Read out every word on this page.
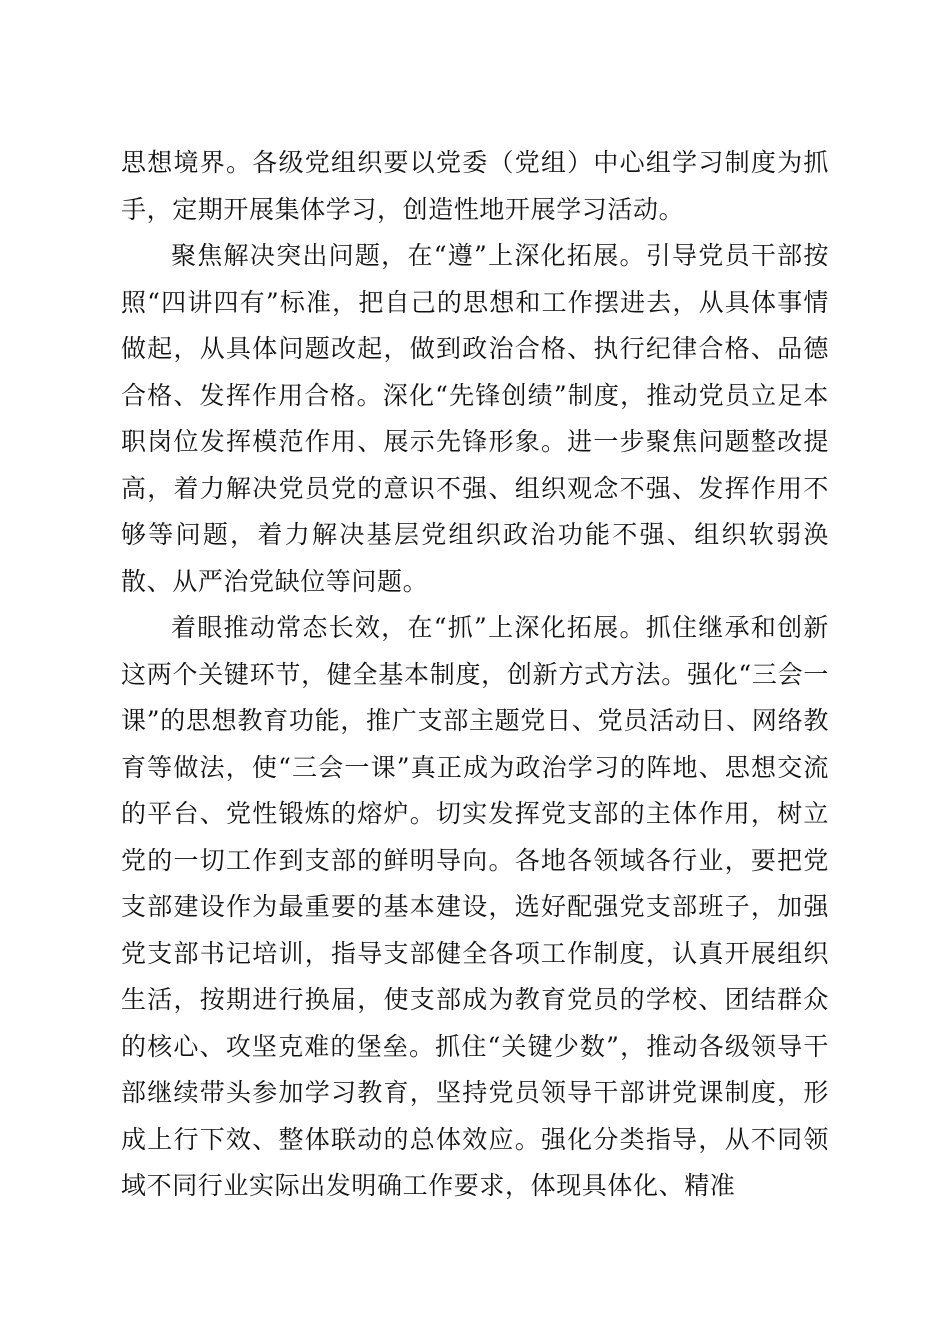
思想境界。各级党组织要以党委（党组）中心组学习制度为抓手，定期开展集体学习，创造性地开展学习活动。

聚焦解决突出问题，在“遵”上深化拓展。引导党员干部按照“四讲四有”标准，把自己的思想和工作摆进去，从具体事情做起，从具体问题改起，做到政治合格、执行纪律合格、品德合格、发挥作用合格。深化“先锋创绩”制度，推动党员立足本职岗位发挥模范作用、展示先锋形象。进一步聚焦问题整改提高，着力解决党员党的意识不强、组织观念不强、发挥作用不够等问题，着力解决基层党组织政治功能不强、组织软弱涣散、从严治党缺位等问题。

着眼推动常态长效，在“抓”上深化拓展。抓住继承和创新这两个关键环节，健全基本制度，创新方式方法。强化“三会一课”的思想教育功能，推广支部主题党日、党员活动日、网络教育等做法，使“三会一课”真正成为政治学习的阵地、思想交流的平台、党性锻炼的熔炉。切实发挥党支部的主体作用，树立党的一切工作到支部的鲜明导向。各地各领域各行业，要把党支部建设作为最重要的基本建设，选好配强党支部班子，加强党支部书记培训，指导支部健全各项工作制度，认真开展组织生活，按期进行换届，使支部成为教育党员的学校、团结群众的核心、攻坚克难的堡垒。抓住“关键少数”，推动各级领导干部继续带头参加学习教育，坚持党员领导干部讲党课制度，形成上行下效、整体联动的总体效应。强化分类指导，从不同领域不同行业实际出发明确工作要求，体现具体化、精准
